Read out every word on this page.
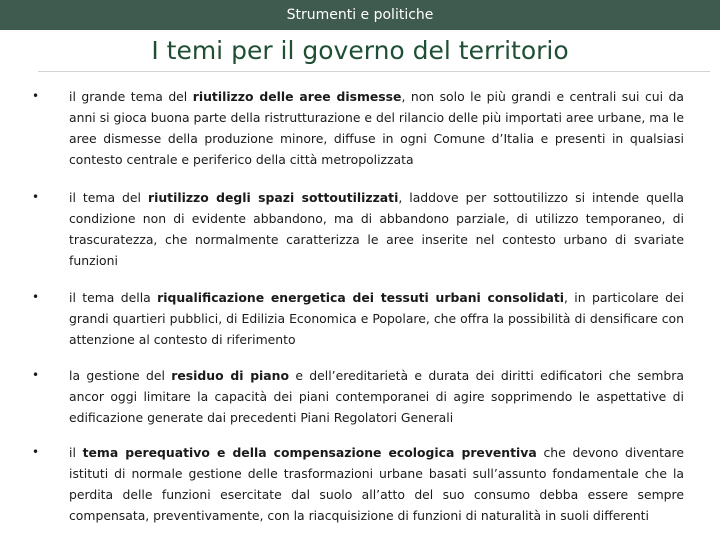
Strumenti e politiche
I temi per il governo del territorio
• il grande tema del riutilizzo delle aree dismesse, non solo le più grandi e centrali sui cui da anni si gioca buona parte della ristrutturazione e del rilancio delle più importati aree urbane, ma le aree dismesse della produzione minore, diffuse in ogni Comune d’Italia e presenti in qualsiasi contesto centrale e periferico della città metropolizzata
• il tema del riutilizzo degli spazi sottoutilizzati, laddove per sottoutilizzo si intende quella condizione non di evidente abbandono, ma di abbandono parziale, di utilizzo temporaneo, di trascuratezza, che normalmente caratterizza le aree inserite nel contesto urbano di svariate funzioni
• il tema della riqualificazione energetica dei tessuti urbani consolidati, in particolare dei grandi quartieri pubblici, di Edilizia Economica e Popolare, che offra la possibilità di densificare con attenzione al contesto di riferimento
• la gestione del residuo di piano e dell’ereditarietà e durata dei diritti edificatori che sembra ancor oggi limitare la capacità dei piani contemporanei di agire sopprimendo le aspettative di edificazione generate dai precedenti Piani Regolatori Generali
• il tema perequativo e della compensazione ecologica preventiva che devono diventare istituti di normale gestione delle trasformazioni urbane basati sull’assunto fondamentale che la perdita delle funzioni esercitate dal suolo all’atto del suo consumo debba essere sempre compensata, preventivamente, con la riacquisizione di funzioni di naturalità in suoli differenti
